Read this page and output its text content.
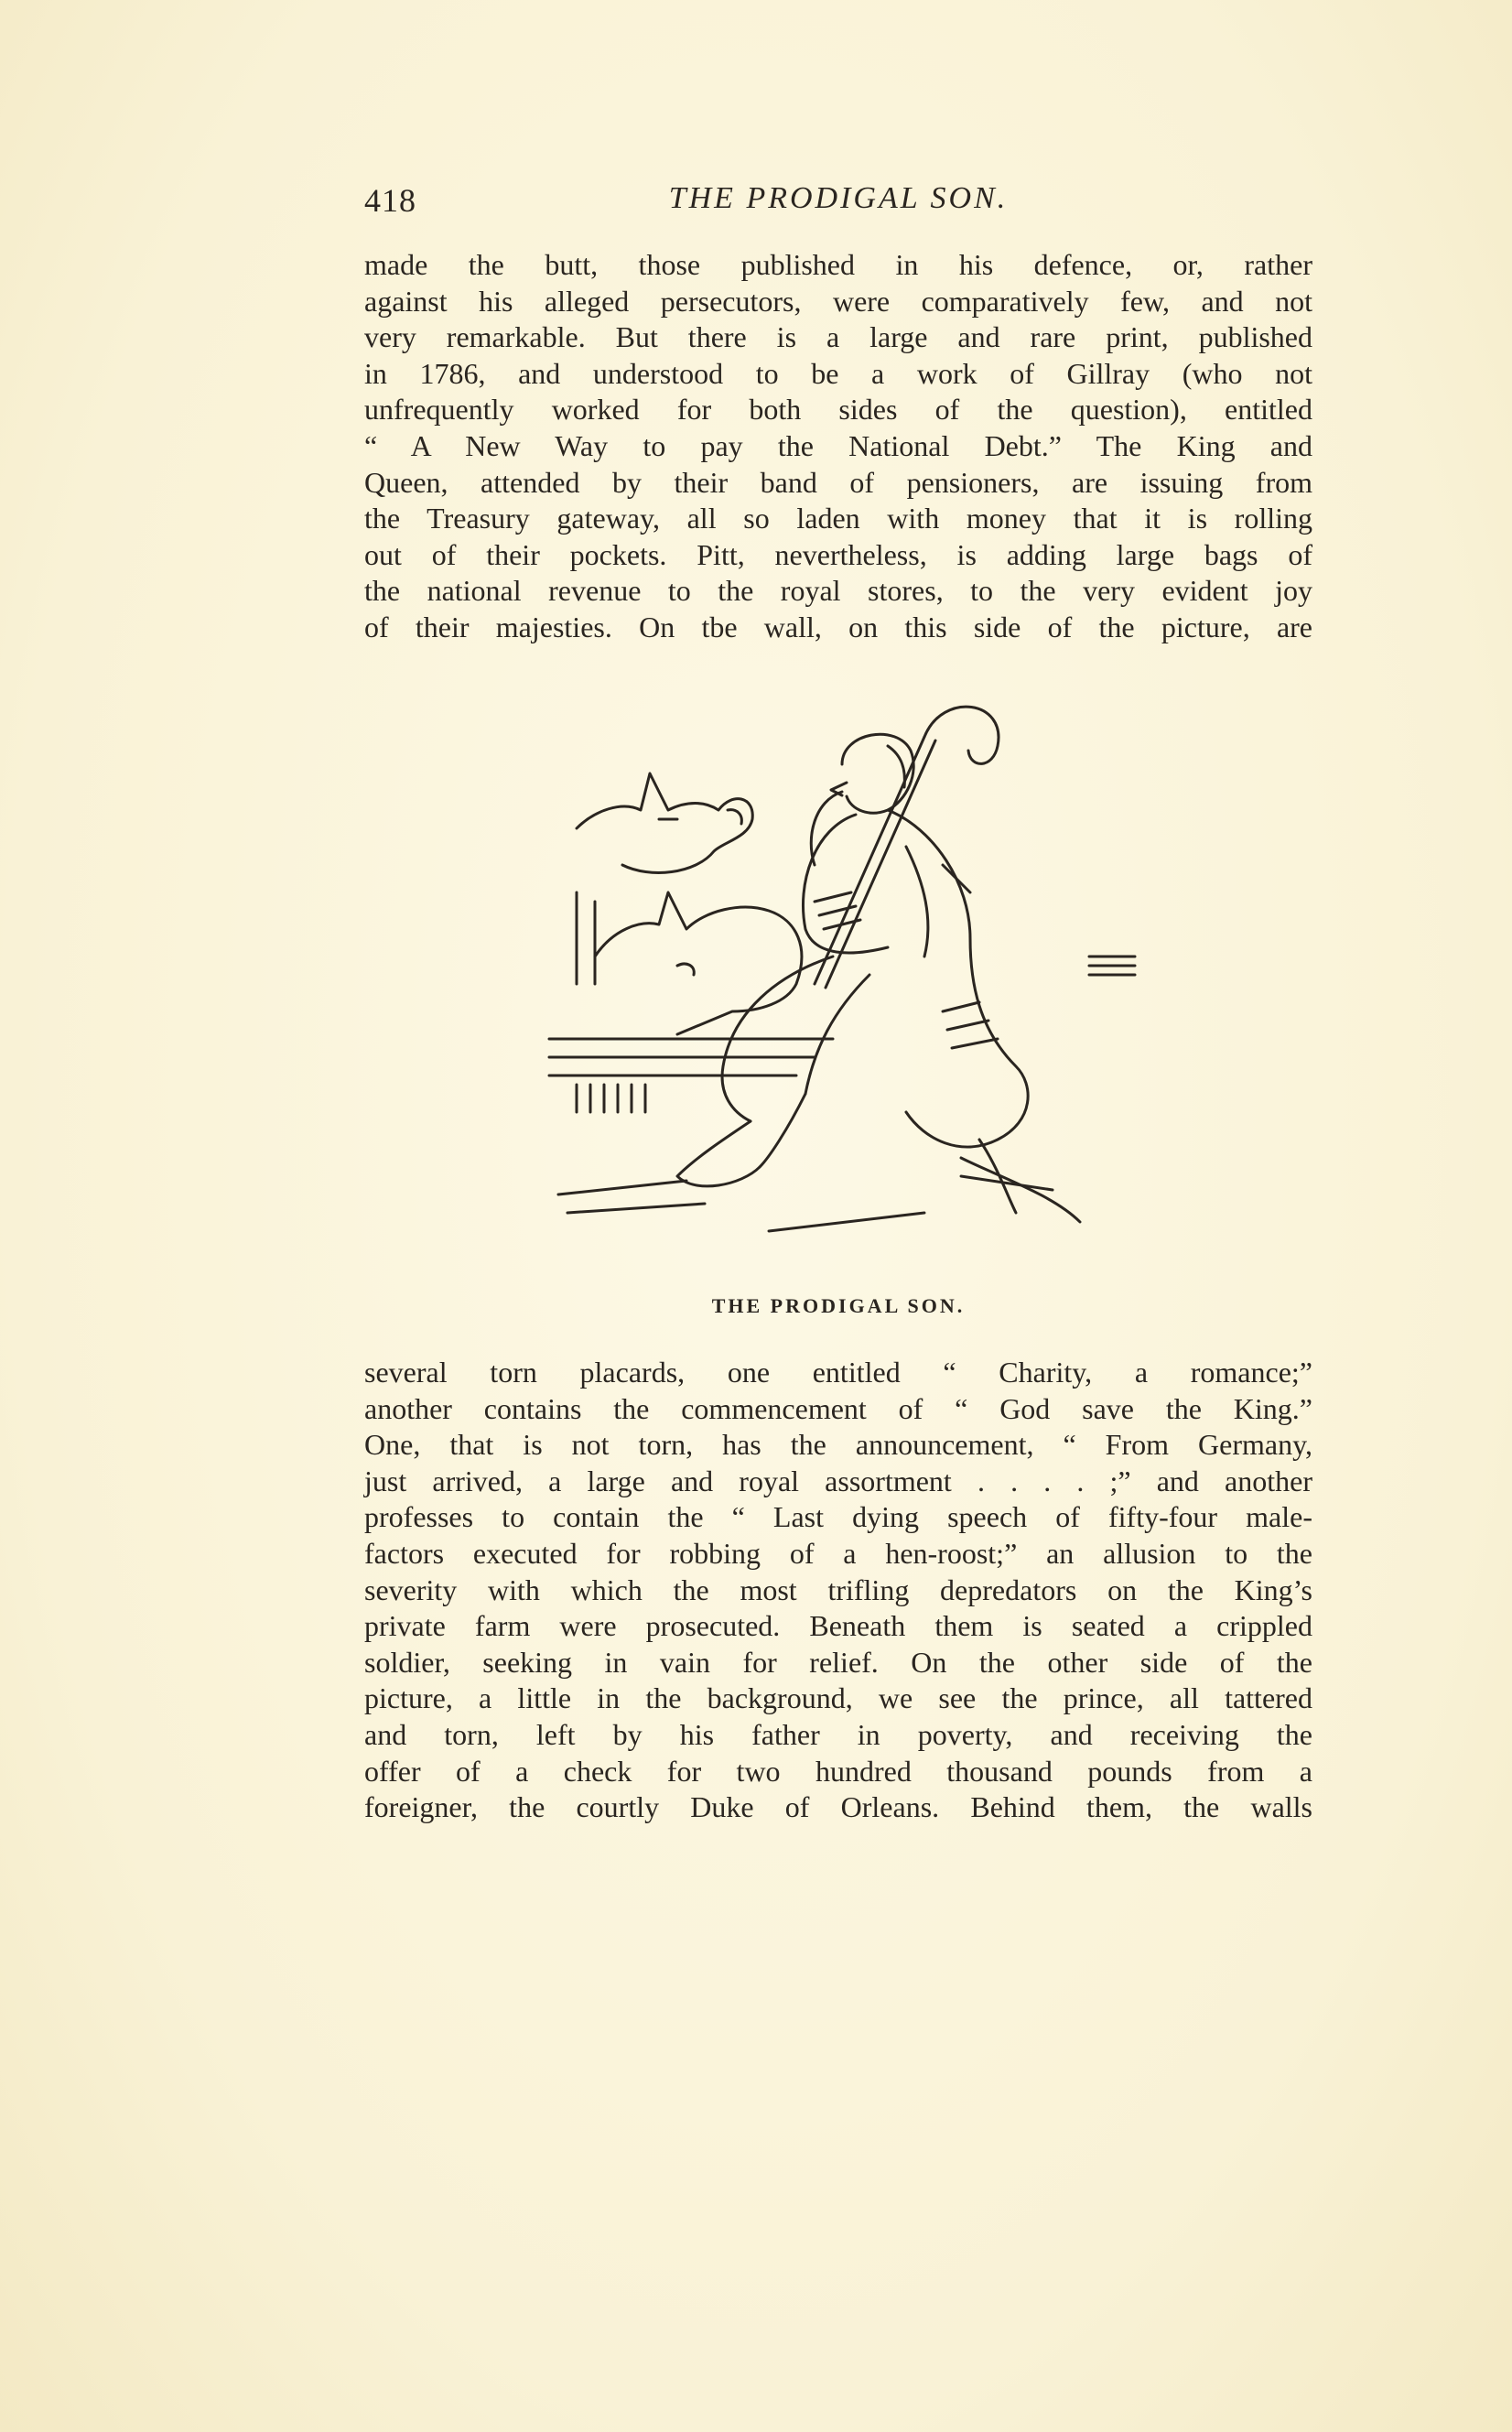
418	THE PRODIGAL SON.
made the butt, those published in his defence, or, rather
against his alleged persecutors, were comparatively few, and not
very remarkable. But there is a large and rare print, published
in 1786, and understood to be a work of Gillray (who not
unfrequently worked for both sides of the question), entitled
“ A New Way to pay the National Debt.” The King and
Queen, attended by their band of pensioners, are issuing from
the Treasury gateway, all so laden with money that it is rolling
out of their pockets. Pitt, nevertheless, is adding large bags of
the national revenue to the royal stores, to the very evident joy
of their majesties. On tbe wall, on this side of the picture, are
THE PRODIGAL SON.
several torn placards, one entitled “ Charity, a romance;”
another contains the commencement of “ God save the King.”
One, that is not torn, has the announcement, “ From Germany,
just arrived, a large and royal assortment . . . . ;” and another
professes to contain the “ Last dying speech of fifty-four male-
factors executed for robbing of a hen-roost;” an allusion to the
severity with which the most trifling depredators on the King’s
private farm were prosecuted. Beneath them is seated a crippled
soldier, seeking in vain for relief. On the other side of the
picture, a little in the background, we see the prince, all tattered
and torn, left by his father in poverty, and receiving the
offer of a check for two hundred thousand pounds from a
foreigner, the courtly Duke of Orleans. Behind them, the walls
